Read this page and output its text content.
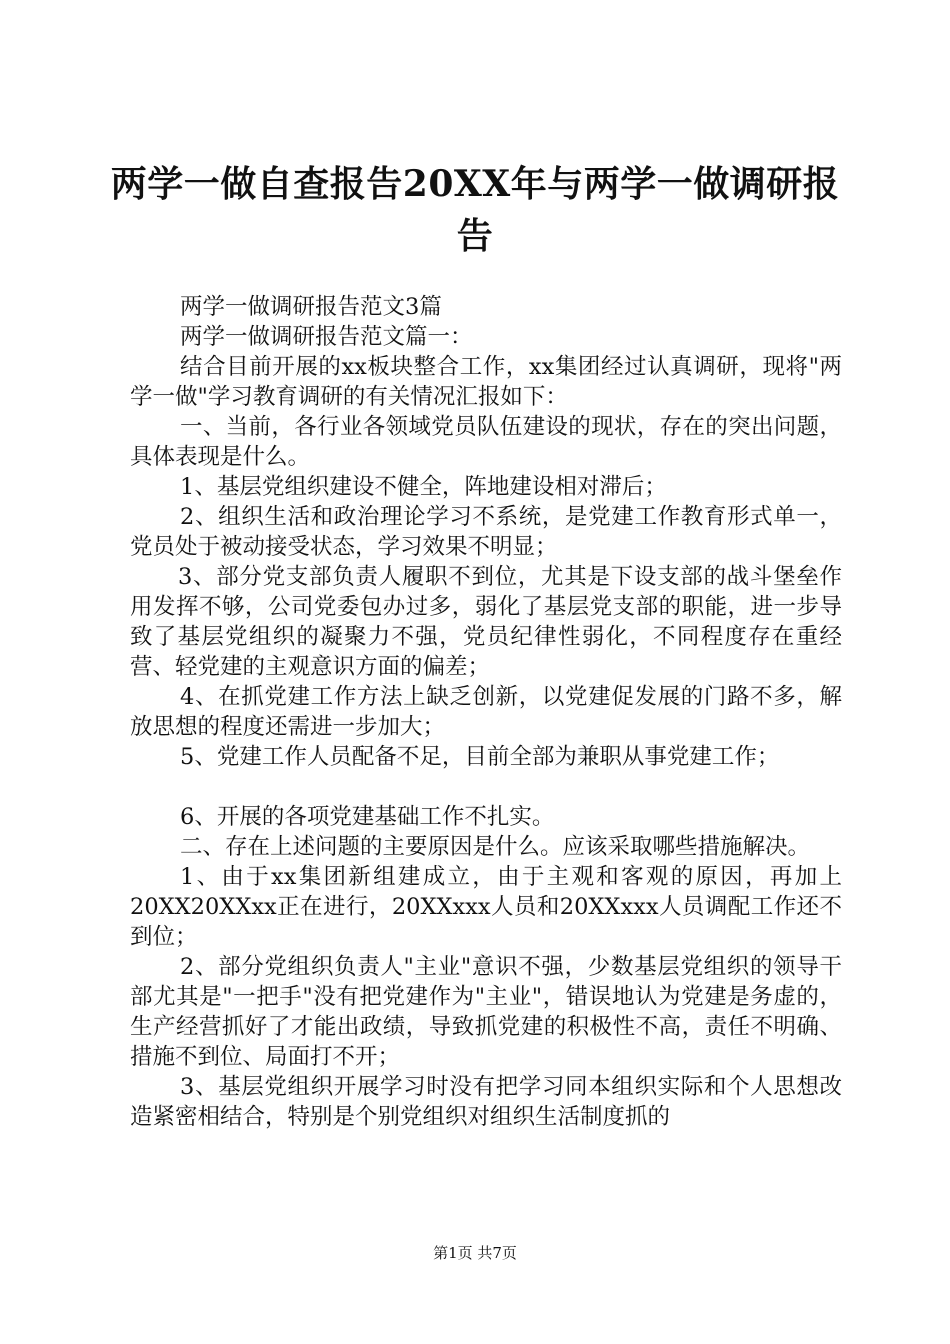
两学一做自查报告20XX年与两学一做调研报告

两学一做调研报告范文3篇

两学一做调研报告范文篇一：

结合目前开展的xx板块整合工作，xx集团经过认真调研，现将"两学一做"学习教育调研的有关情况汇报如下：

一、当前，各行业各领域党员队伍建设的现状，存在的突出问题，具体表现是什么。

1、基层党组织建设不健全，阵地建设相对滞后；

2、组织生活和政治理论学习不系统，是党建工作教育形式单一，党员处于被动接受状态，学习效果不明显；

3、部分党支部负责人履职不到位，尤其是下设支部的战斗堡垒作用发挥不够，公司党委包办过多，弱化了基层党支部的职能，进一步导致了基层党组织的凝聚力不强，党员纪律性弱化，不同程度存在重经营、轻党建的主观意识方面的偏差；

4、在抓党建工作方法上缺乏创新，以党建促发展的门路不多，解放思想的程度还需进一步加大；

5、党建工作人员配备不足，目前全部为兼职从事党建工作；

6、开展的各项党建基础工作不扎实。

二、存在上述问题的主要原因是什么。应该采取哪些措施解决。

1、由于xx集团新组建成立，由于主观和客观的原因，再加上20XX20XXxx正在进行，20XXxxx人员和20XXxxx人员调配工作还不到位；

2、部分党组织负责人"主业"意识不强，少数基层党组织的领导干部尤其是"一把手"没有把党建作为"主业"，错误地认为党建是务虚的，生产经营抓好了才能出政绩，导致抓党建的积极性不高，责任不明确、措施不到位、局面打不开；

3、基层党组织开展学习时没有把学习同本组织实际和个人思想改造紧密相结合，特别是个别党组织对组织生活制度抓的

第1页 共7页
